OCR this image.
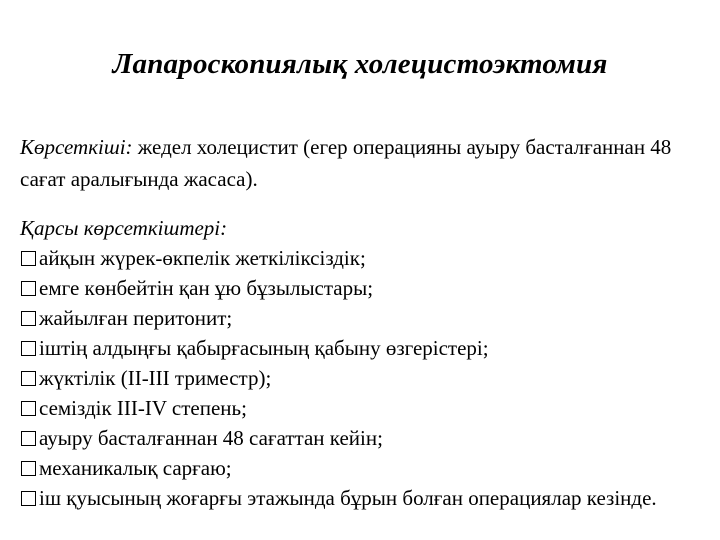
Лапароскопиялық холецистоэктомия
Көрсеткіші: жедел холецистит (егер операцияны ауыру басталғаннан 48 сағат аралығында жасаса).
Қарсы көрсеткіштері:
айқын жүрек-өкпелік жеткіліксіздік;
емге көнбейтін қан ұю бұзылыстары;
жайылған перитонит;
іштің алдыңғы қабырғасының қабыну өзгерістері;
жүктілік (ІІ-ІІІ триместр);
семіздік ІІІ-ІV степень;
ауыру басталғаннан 48 сағаттан кейін;
механикалық сарғаю;
іш қуысының жоғарғы этажында бұрын болған операциялар кезінде.
